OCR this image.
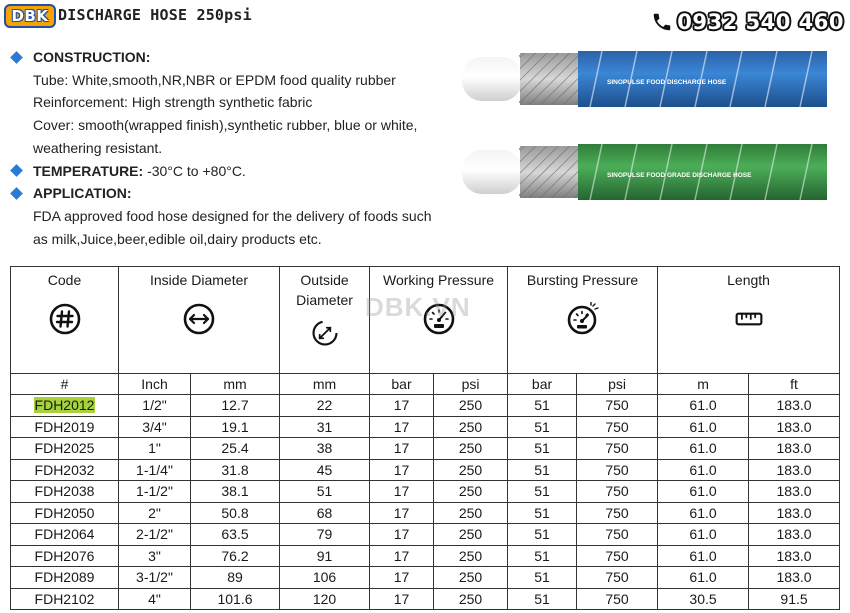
DBK DISCHARGE HOSE 250psi	0932 540 460
CONSTRUCTION:
Tube: White,smooth,NR,NBR or EPDM food quality rubber
Reinforcement: High strength synthetic fabric
Cover: smooth(wrapped finish),synthetic rubber, blue or white,
weathering resistant.
TEMPERATURE: -30°C to +80°C.
APPLICATION:
FDA approved food hose designed for the delivery of foods such
as milk,Juice,beer,edible oil,dairy products etc.
SINOPULSE FOOD DISCHARGE HOSE
SINOPULSE FOOD GRADE DISCHARGE HOSE
Code	Inside Diameter		Outside
Diameter	Working Pressure		Bursting Pressure		Length	

#	Inch	mm	mm	bar	psi	bar	psi	m	ft
FDH2012	1/2"	12.7	22	17	250	51	750	61.0	183.0
FDH2019	3/4"	19.1	31	17	250	51	750	61.0	183.0
FDH2025	1"	25.4	38	17	250	51	750	61.0	183.0
FDH2032	1-1/4"	31.8	45	17	250	51	750	61.0	183.0
FDH2038	1-1/2"	38.1	51	17	250	51	750	61.0	183.0
FDH2050	2"	50.8	68	17	250	51	750	61.0	183.0
FDH2064	2-1/2"	63.5	79	17	250	51	750	61.0	183.0
FDH2076	3"	76.2	91	17	250	51	750	61.0	183.0
FDH2089	3-1/2"	89	106	17	250	51	750	61.0	183.0
FDH2102	4"	101.6	120	17	250	51	750	30.5	91.5
DBK.VN
